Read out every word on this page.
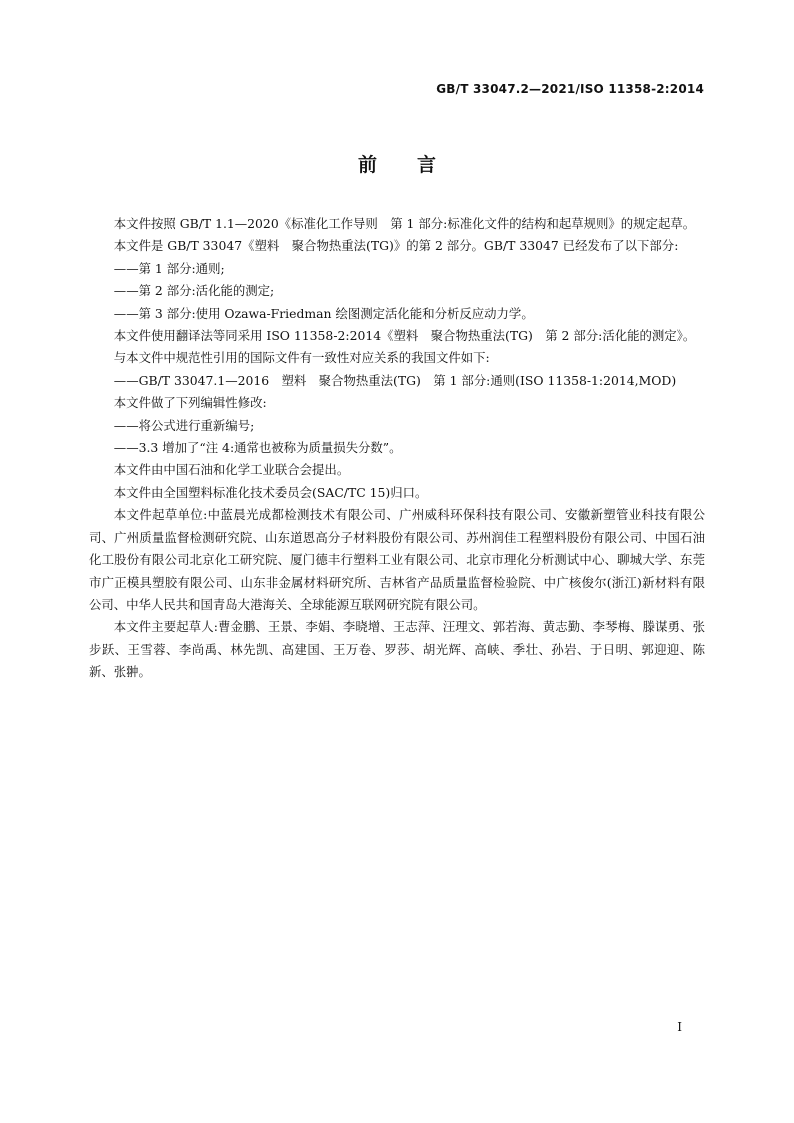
GB/T 33047.2—2021/ISO 11358-2:2014
前言

本文件按照 GB/T 1.1—2020《标准化工作导则　第 1 部分:标准化文件的结构和起草规则》的规定起草。

本文件是 GB/T 33047《塑料　聚合物热重法(TG)》的第 2 部分。GB/T 33047 已经发布了以下部分:

——第 1 部分:通则;

——第 2 部分:活化能的测定;

——第 3 部分:使用 Ozawa-Friedman 绘图测定活化能和分析反应动力学。

本文件使用翻译法等同采用 ISO 11358-2:2014《塑料　聚合物热重法(TG)　第 2 部分:活化能的测定》。

与本文件中规范性引用的国际文件有一致性对应关系的我国文件如下:

——GB/T 33047.1—2016　塑料　聚合物热重法(TG)　第 1 部分:通则(ISO 11358-1:2014,MOD)

本文件做了下列编辑性修改:

——将公式进行重新编号;

——3.3 增加了“注 4:通常也被称为质量损失分数”。

本文件由中国石油和化学工业联合会提出。

本文件由全国塑料标准化技术委员会(SAC/TC 15)归口。

本文件起草单位:中蓝晨光成都检测技术有限公司、广州威科环保科技有限公司、安徽新塑管业科技有限公司、广州质量监督检测研究院、山东道恩高分子材料股份有限公司、苏州润佳工程塑料股份有限公司、中国石油化工股份有限公司北京化工研究院、厦门德丰行塑料工业有限公司、北京市理化分析测试中心、聊城大学、东莞市广正模具塑胶有限公司、山东非金属材料研究所、吉林省产品质量监督检验院、中广核俊尔(浙江)新材料有限公司、中华人民共和国青岛大港海关、全球能源互联网研究院有限公司。

本文件主要起草人:曹金鹏、王景、李娟、李晓增、王志萍、汪理文、郭若海、黄志勤、李琴梅、滕谋勇、张步跃、王雪蓉、李尚禹、林先凯、高建国、王万卷、罗莎、胡光辉、高峡、季壮、孙岩、于日明、郭迎迎、陈新、张翀。

I
